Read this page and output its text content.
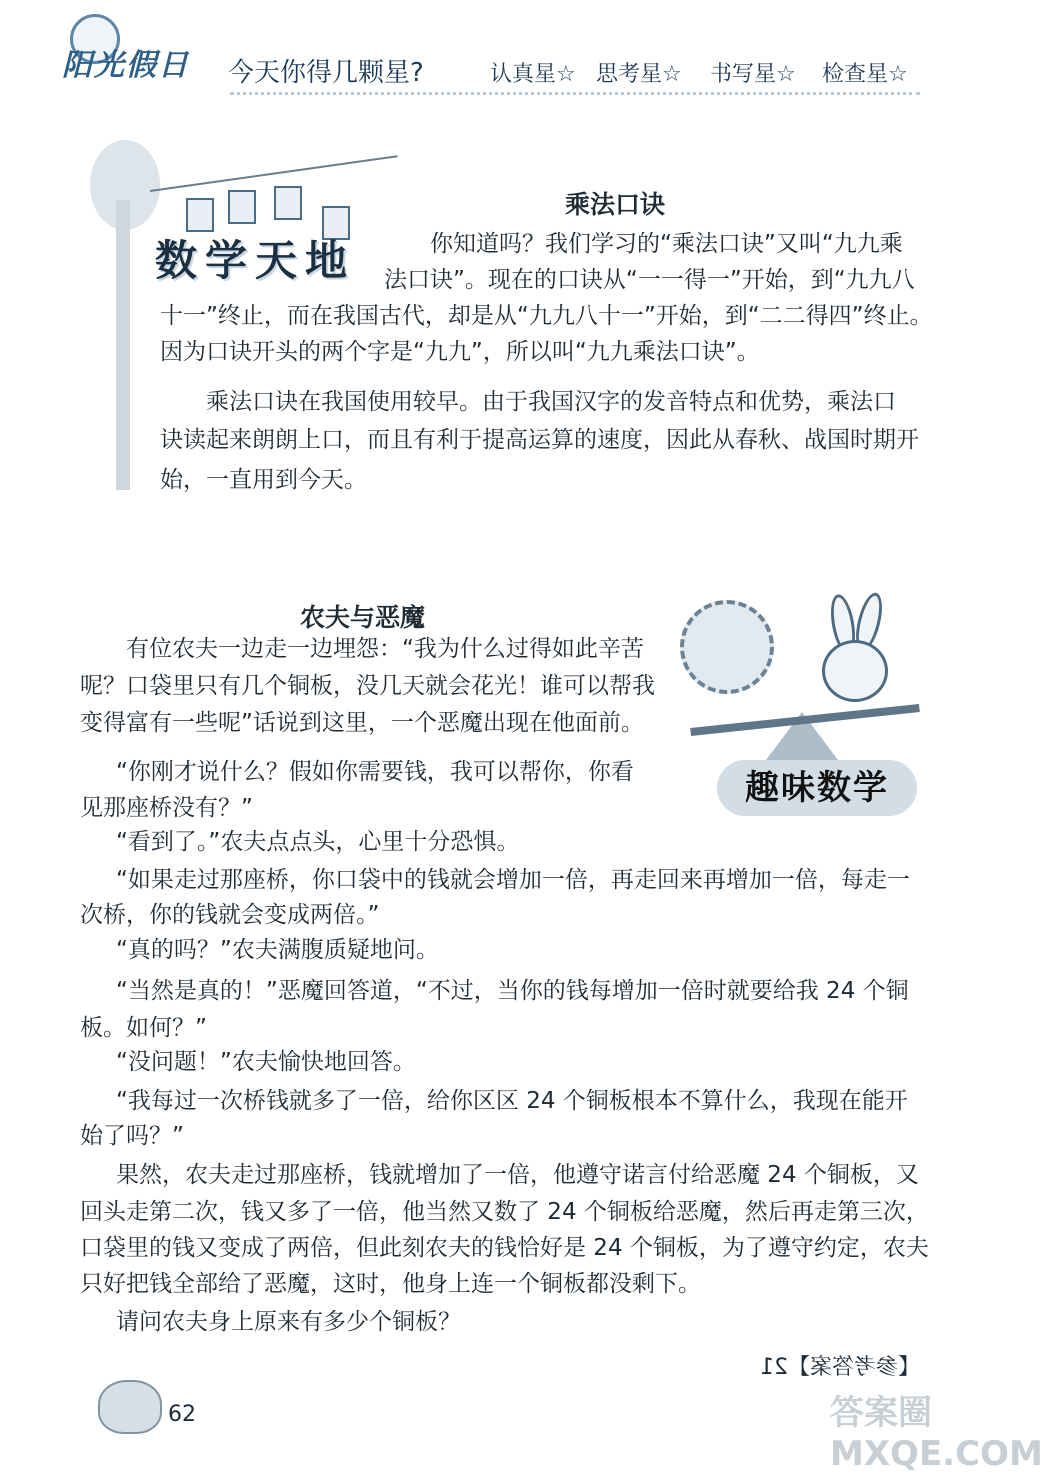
阳光假日 今天你得几颗星?	认真星☆ 思考星☆ 书写星☆ 检查星☆
数学天地
乘法口诀
你知道吗？我们学习的“乘法口诀”又叫“九九乘
法口诀”。现在的口诀从“一一得一”开始，到“九九八
十一”终止，而在我国古代，却是从“九九八十一”开始，到“二二得四”终止。
因为口诀开头的两个字是“九九”，所以叫“九九乘法口诀”。
乘法口诀在我国使用较早。由于我国汉字的发音特点和优势，乘法口
诀读起来朗朗上口，而且有利于提高运算的速度，因此从春秋、战国时期开
始，一直用到今天。
趣味数学
农夫与恶魔
有位农夫一边走一边埋怨：“我为什么过得如此辛苦
呢？口袋里只有几个铜板，没几天就会花光！谁可以帮我
变得富有一些呢”话说到这里，一个恶魔出现在他面前。
“你刚才说什么？假如你需要钱，我可以帮你，你看
见那座桥没有？”
“看到了。”农夫点点头，心里十分恐惧。
“如果走过那座桥，你口袋中的钱就会增加一倍，再走回来再增加一倍，每走一
次桥，你的钱就会变成两倍。”
“真的吗？”农夫满腹质疑地问。
“当然是真的！”恶魔回答道，“不过，当你的钱每增加一倍时就要给我 24 个铜
板。如何？”
“没问题！”农夫愉快地回答。
“我每过一次桥钱就多了一倍，给你区区 24 个铜板根本不算什么，我现在能开
始了吗？”
果然，农夫走过那座桥，钱就增加了一倍，他遵守诺言付给恶魔 24 个铜板，又
回头走第二次，钱又多了一倍，他当然又数了 24 个铜板给恶魔，然后再走第三次，
口袋里的钱又变成了两倍，但此刻农夫的钱恰好是 24 个铜板，为了遵守约定，农夫
只好把钱全部给了恶魔，这时，他身上连一个铜板都没剩下。
请问农夫身上原来有多少个铜板？
【参考答案】21
62	答案圈 MXQE.COM
